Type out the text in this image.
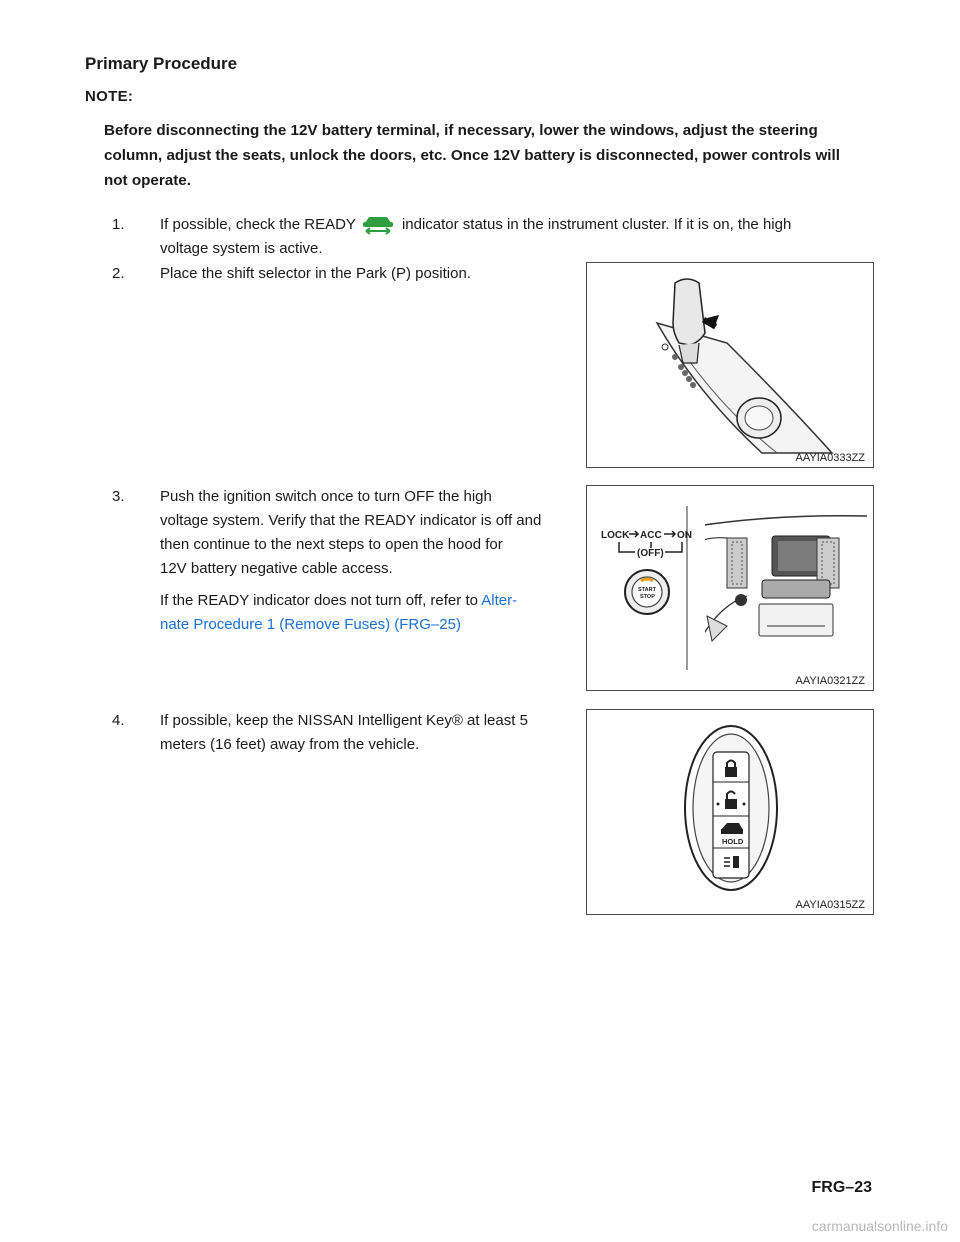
Primary Procedure
NOTE:
Before disconnecting the 12V battery terminal, if necessary, lower the windows, adjust the steering column, adjust the seats, unlock the doors, etc. Once 12V battery is disconnected, power controls will not operate.
1. If possible, check the READY	indicator status in the instrument cluster. If it is on, the high
voltage system is active.
2. Place the shift selector in the Park (P) position.
AAYIA0333ZZ
3. Push the ignition switch once to turn OFF the high
voltage system. Verify that the READY indicator is off and
then continue to the next steps to open the hood for
12V battery negative cable access.
If the READY indicator does not turn off, refer to Alter-
nate Procedure 1 (Remove Fuses) (FRG–25)
LOCK ACC ON
(OFF)
START
STOP
AAYIA0321ZZ
4. If possible, keep the NISSAN Intelligent Key® at least 5
meters (16 feet) away from the vehicle.
HOLD
AAYIA0315ZZ
FRG–23
carmanualsonline.info
